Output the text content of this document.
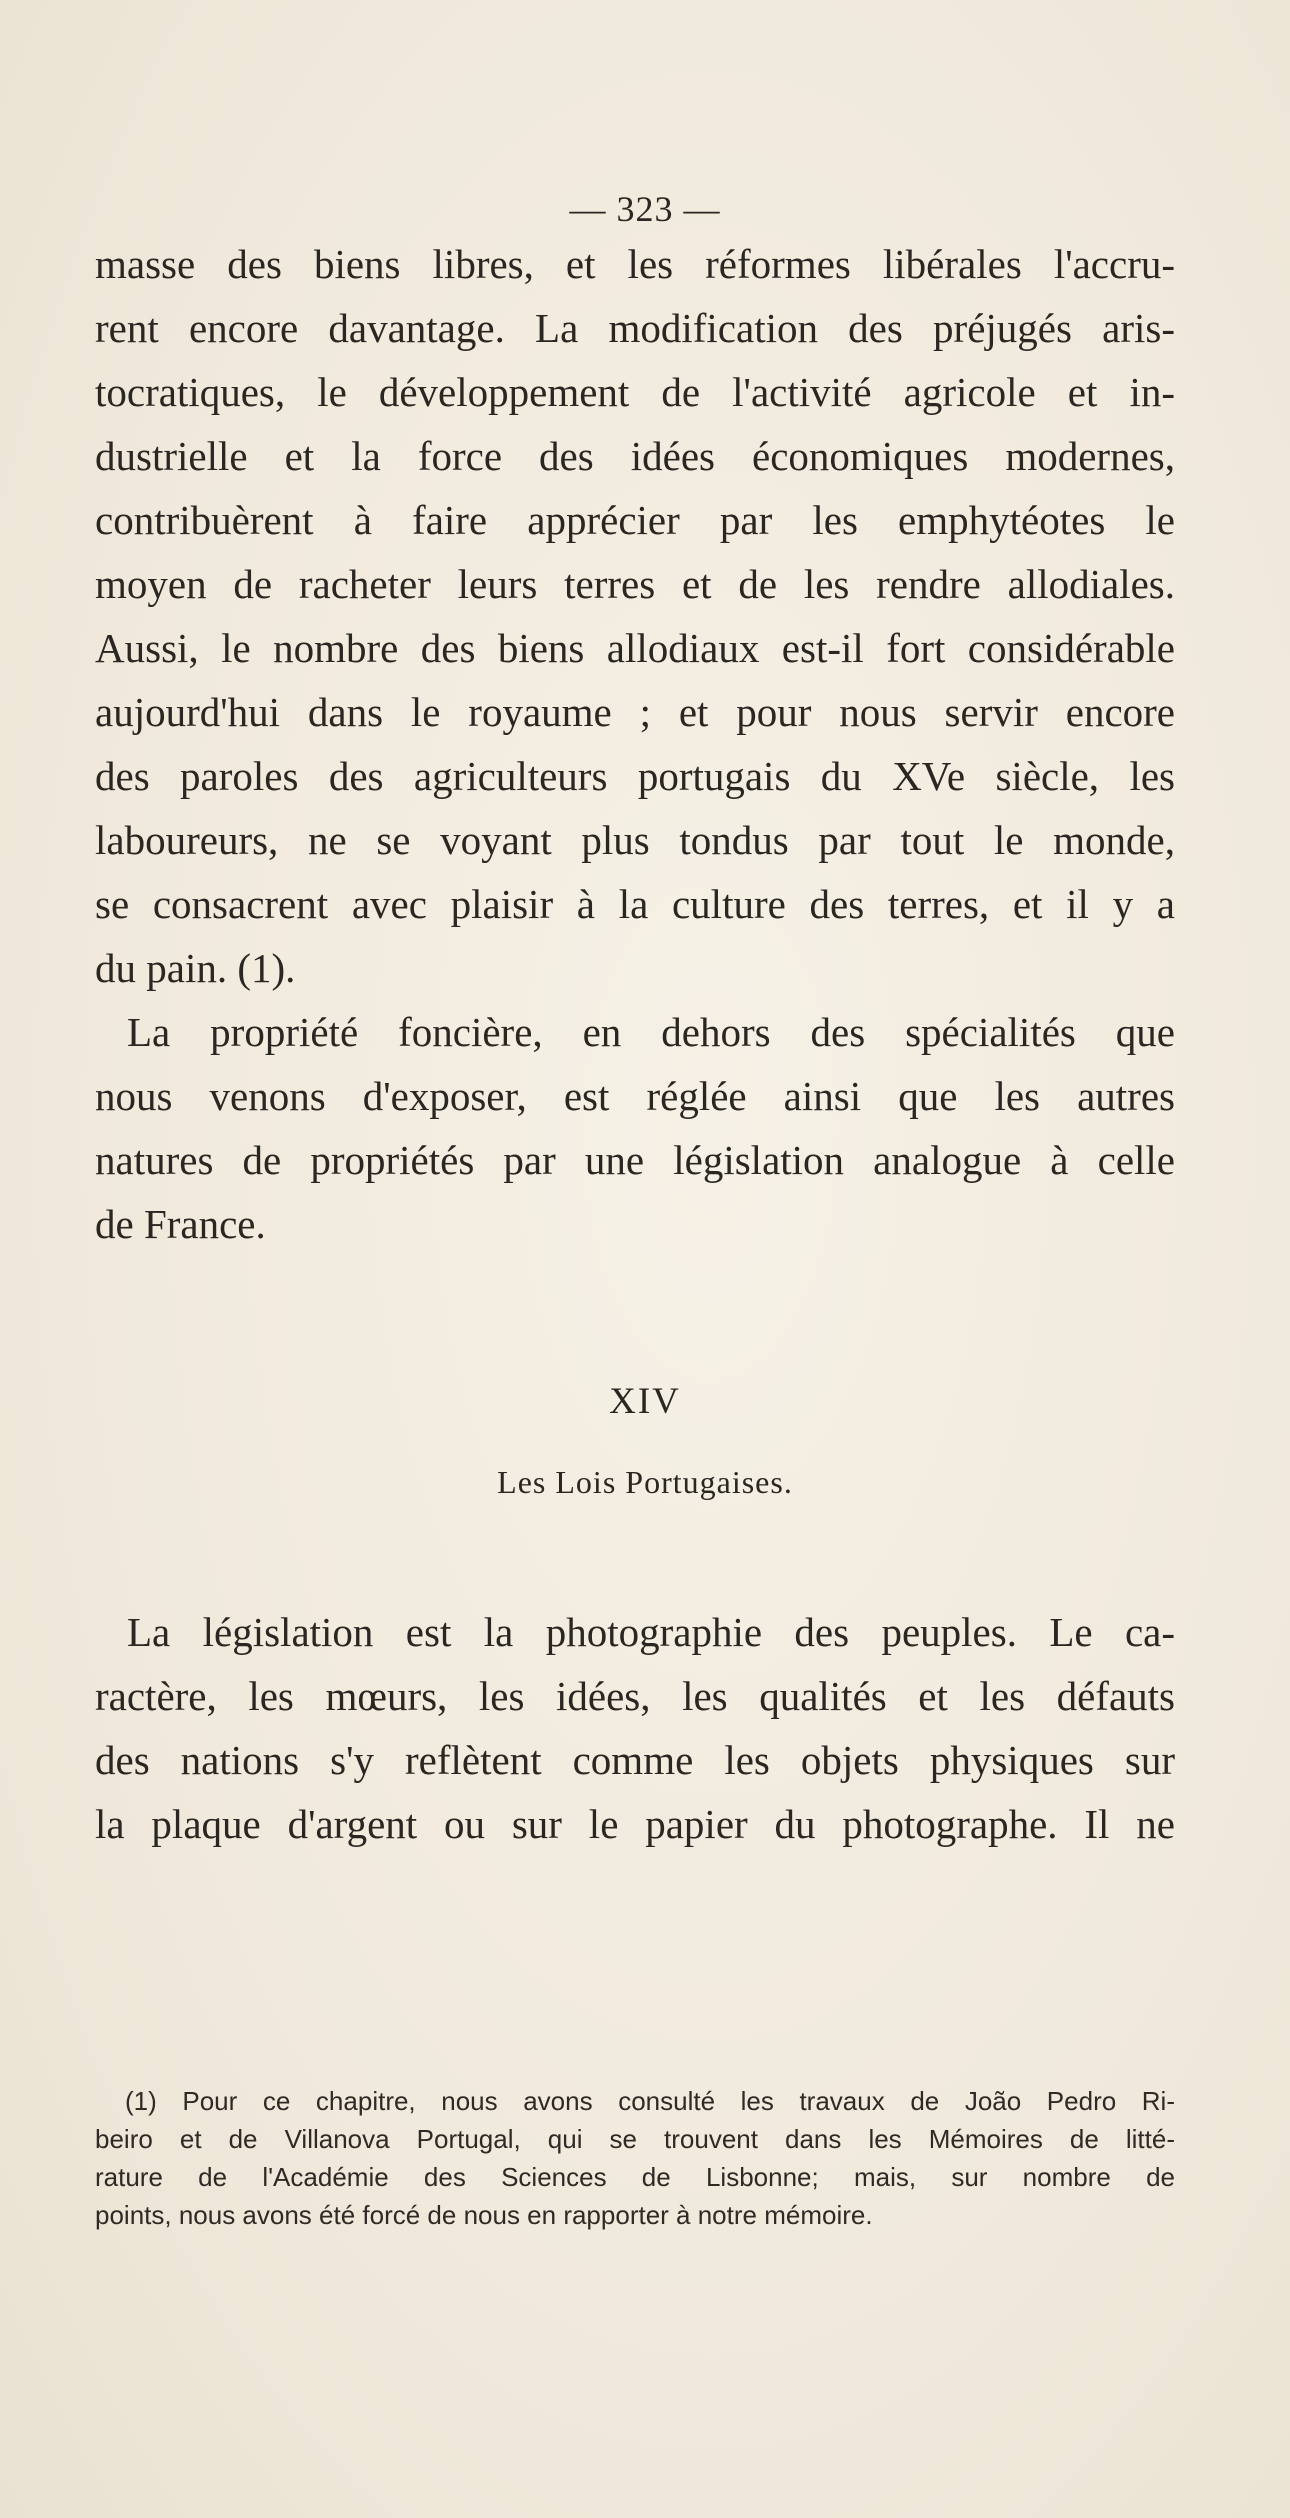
— 323 —
masse des biens libres, et les réformes libérales l'accru-
rent encore davantage. La modification des préjugés aris-
tocratiques, le développement de l'activité agricole et in-
dustrielle et la force des idées économiques modernes,
contribuèrent à faire apprécier par les emphytéotes le
moyen de racheter leurs terres et de les rendre allodiales.
Aussi, le nombre des biens allodiaux est-il fort considérable
aujourd'hui dans le royaume ; et pour nous servir encore
des paroles des agriculteurs portugais du XVe siècle, les
laboureurs, ne se voyant plus tondus par tout le monde,
se consacrent avec plaisir à la culture des terres, et il y a
du pain. (1).
La propriété foncière, en dehors des spécialités que
nous venons d'exposer, est réglée ainsi que les autres
natures de propriétés par une législation analogue à celle
de France.
XIV
Les Lois Portugaises.
La législation est la photographie des peuples. Le ca-
ractère, les mœurs, les idées, les qualités et les défauts
des nations s'y reflètent comme les objets physiques sur
la plaque d'argent ou sur le papier du photographe. Il ne
(1) Pour ce chapitre, nous avons consulté les travaux de João Pedro Ri-
beiro et de Villanova Portugal, qui se trouvent dans les Mémoires de litté-
rature de l'Académie des Sciences de Lisbonne; mais, sur nombre de
points, nous avons été forcé de nous en rapporter à notre mémoire.
